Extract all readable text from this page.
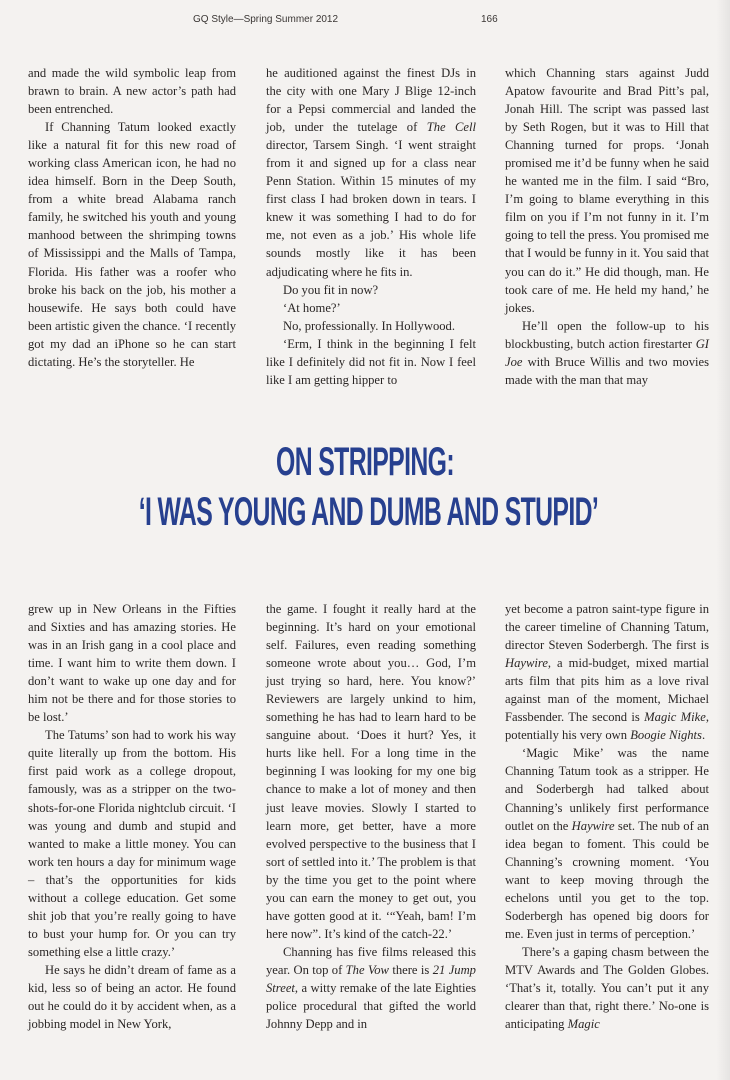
GQ Style—Spring Summer 2012	166

and made the wild symbolic leap from brawn to brain. A new actor’s path had been entrenched.

If Channing Tatum looked exactly like a natural fit for this new road of working class American icon, he had no idea himself. Born in the Deep South, from a white bread Alabama ranch family, he switched his youth and young manhood between the shrimping towns of Mississippi and the Malls of Tampa, Florida. His father was a roofer who broke his back on the job, his mother a housewife. He says both could have been artistic given the chance. ‘I recently got my dad an iPhone so he can start dictating. He’s the storyteller. He

he auditioned against the finest DJs in the city with one Mary J Blige 12-inch for a Pepsi commercial and landed the job, under the tutelage of The Cell director, Tarsem Singh. ‘I went straight from it and signed up for a class near Penn Station. Within 15 minutes of my first class I had broken down in tears. I knew it was something I had to do for me, not even as a job.’ His whole life sounds mostly like it has been adjudicating where he fits in.

Do you fit in now?

‘At home?’

No, professionally. In Hollywood.

‘Erm, I think in the beginning I felt like I definitely did not fit in. Now I feel like I am getting hipper to

which Channing stars against Judd Apatow favourite and Brad Pitt’s pal, Jonah Hill. The script was passed last by Seth Rogen, but it was to Hill that Channing turned for props. ‘Jonah promised me it’d be funny when he said he wanted me in the film. I said “Bro, I’m going to blame everything in this film on you if I’m not funny in it. I’m going to tell the press. You promised me that I would be funny in it. You said that you can do it.” He did though, man. He took care of me. He held my hand,’ he jokes.

He’ll open the follow-up to his blockbusting, butch action firestarter GI Joe with Bruce Willis and two movies made with the man that may

ON STRIPPING:
‘I WAS YOUNG AND DUMB AND STUPID’

grew up in New Orleans in the Fifties and Sixties and has amazing stories. He was in an Irish gang in a cool place and time. I want him to write them down. I don’t want to wake up one day and for him not be there and for those stories to be lost.’

The Tatums’ son had to work his way quite literally up from the bottom. His first paid work as a college dropout, famously, was as a stripper on the two-shots-for-one Florida nightclub circuit. ‘I was young and dumb and stupid and wanted to make a little money. You can work ten hours a day for minimum wage – that’s the opportunities for kids without a college education. Get some shit job that you’re really going to have to bust your hump for. Or you can try something else a little crazy.’

He says he didn’t dream of fame as a kid, less so of being an actor. He found out he could do it by accident when, as a jobbing model in New York,

the game. I fought it really hard at the beginning. It’s hard on your emotional self. Failures, even reading something someone wrote about you… God, I’m just trying so hard, here. You know?’ Reviewers are largely unkind to him, something he has had to learn hard to be sanguine about. ‘Does it hurt? Yes, it hurts like hell. For a long time in the beginning I was looking for my one big chance to make a lot of money and then just leave movies. Slowly I started to learn more, get better, have a more evolved perspective to the business that I sort of settled into it.’ The problem is that by the time you get to the point where you can earn the money to get out, you have gotten good at it. ‘“Yeah, bam! I’m here now”. It’s kind of the catch-22.’

Channing has five films released this year. On top of The Vow there is 21 Jump Street, a witty remake of the late Eighties police procedural that gifted the world Johnny Depp and in

yet become a patron saint-type figure in the career timeline of Channing Tatum, director Steven Soderbergh. The first is Haywire, a mid-budget, mixed martial arts film that pits him as a love rival against man of the moment, Michael Fassbender. The second is Magic Mike, potentially his very own Boogie Nights.

‘Magic Mike’ was the name Channing Tatum took as a stripper. He and Soderbergh had talked about Channing’s unlikely first performance outlet on the Haywire set. The nub of an idea began to foment. This could be Channing’s crowning moment. ‘You want to keep moving through the echelons until you get to the top. Soderbergh has opened big doors for me. Even just in terms of perception.’

There’s a gaping chasm between the MTV Awards and The Golden Globes. ‘That’s it, totally. You can’t put it any clearer than that, right there.’ No-one is anticipating Magic
